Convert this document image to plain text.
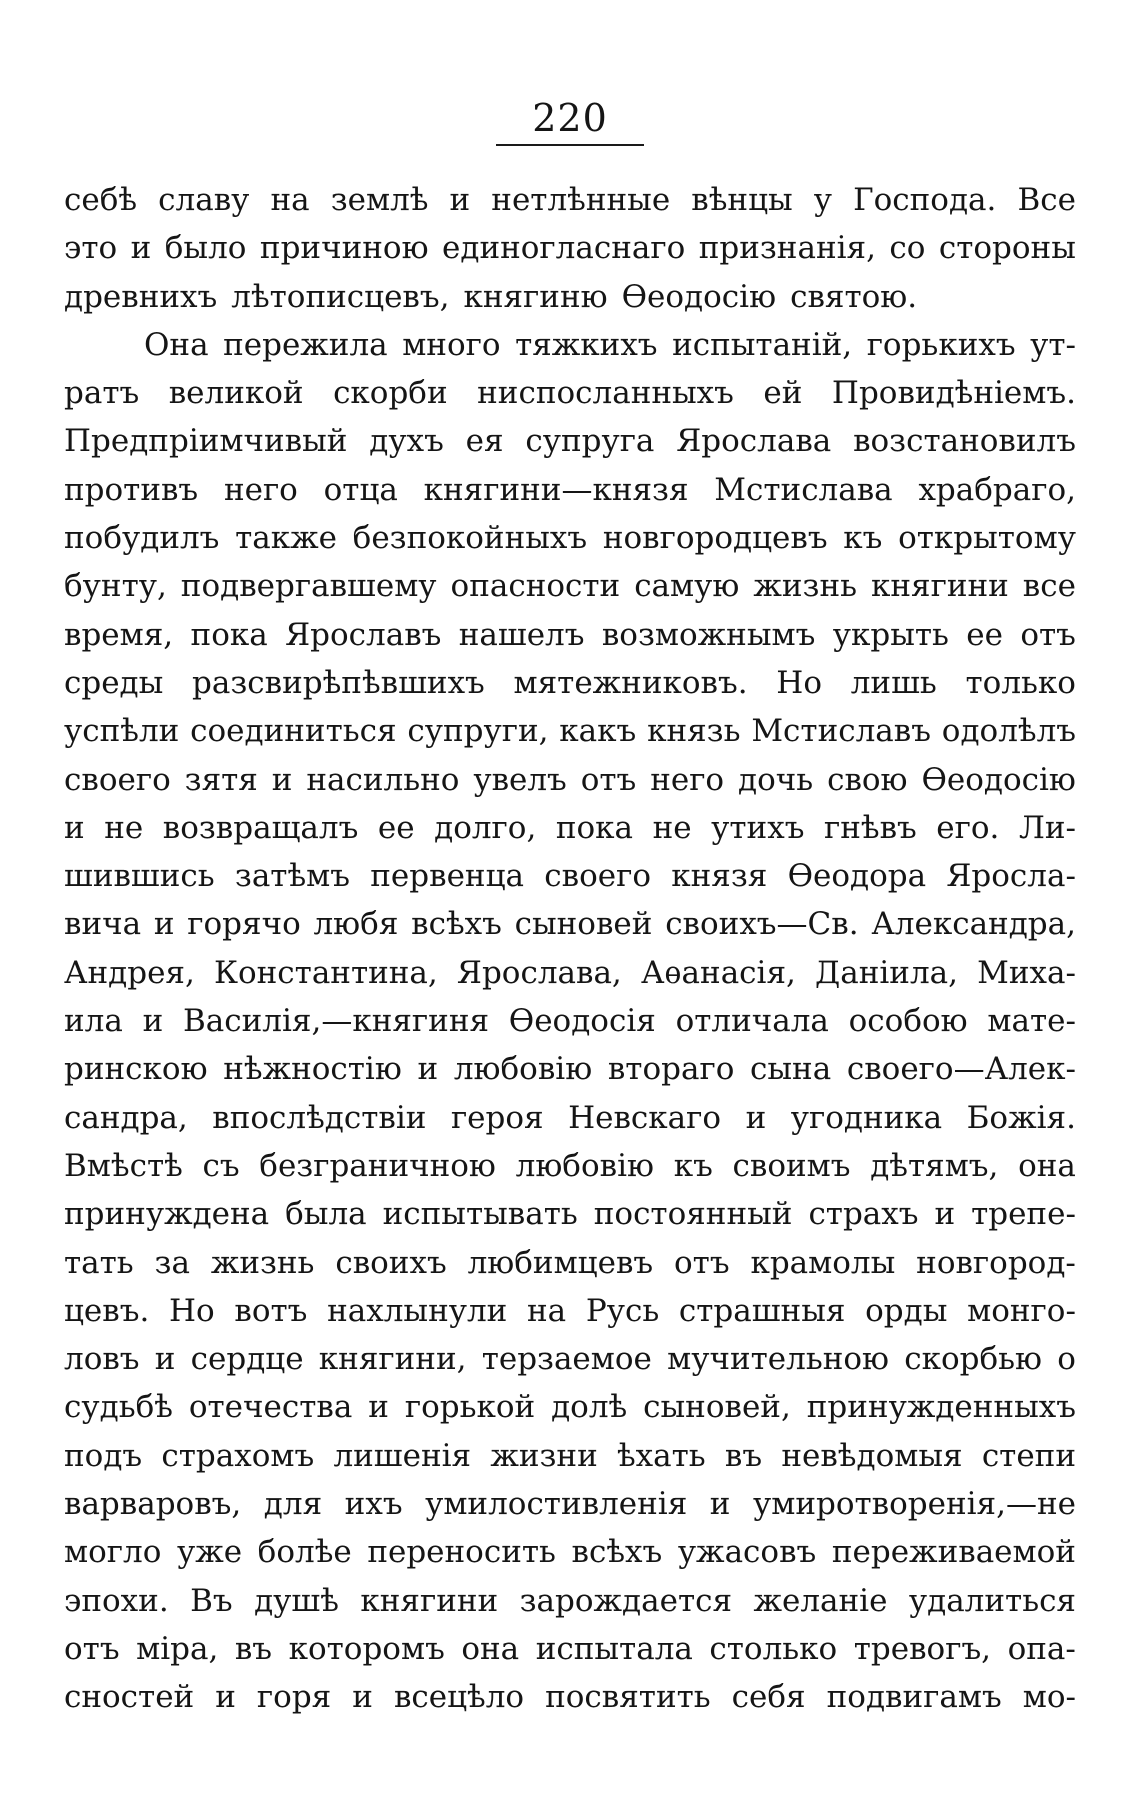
220
себѣ славу на землѣ и нетлѣнные вѣнцы у Господа. Все
это и было причиною единогласнаго признанія, со стороны
древнихъ лѣтописцевъ, княгиню Ѳеодосію святою.
Она пережила много тяжкихъ испытаній, горькихъ ут-
ратъ великой скорби ниспосланныхъ ей Провидѣніемъ.
Предпріимчивый духъ ея супруга Ярослава возстановилъ
противъ него отца княгини—князя Мстислава храбраго,
побудилъ также безпокойныхъ новгородцевъ къ открытому
бунту, подвергавшему опасности самую жизнь княгини все
время, пока Ярославъ нашелъ возможнымъ укрыть ее отъ
среды разсвирѣпѣвшихъ мятежниковъ. Но лишь только
успѣли соединиться супруги, какъ князь Мстиславъ одолѣлъ
своего зятя и насильно увелъ отъ него дочь свою Ѳеодосію
и не возвращалъ ее долго, пока не утихъ гнѣвъ его. Ли-
шившись затѣмъ первенца своего князя Ѳеодора Яросла-
вича и горячо любя всѣхъ сыновей своихъ—Св. Александра,
Андрея, Константина, Ярослава, Аѳанасія, Даніила, Миха-
ила и Василія,—княгиня Ѳеодосія отличала особою мате-
ринскою нѣжностію и любовію втораго сына своего—Алек-
сандра, впослѣдствіи героя Невскаго и угодника Божія.
Вмѣстѣ съ безграничною любовію къ своимъ дѣтямъ, она
принуждена была испытывать постоянный страхъ и трепе-
тать за жизнь своихъ любимцевъ отъ крамолы новгород-
цевъ. Но вотъ нахлынули на Русь страшныя орды монго-
ловъ и сердце княгини, терзаемое мучительною скорбью о
судьбѣ отечества и горькой долѣ сыновей, принужденныхъ
подъ страхомъ лишенія жизни ѣхать въ невѣдомыя степи
варваровъ, для ихъ умилостивленія и умиротворенія,—не
могло уже болѣе переносить всѣхъ ужасовъ переживаемой
эпохи. Въ душѣ княгини зарождается желаніе удалиться
отъ міра, въ которомъ она испытала столько тревогъ, опа-
сностей и горя и всецѣло посвятить себя подвигамъ мо-
